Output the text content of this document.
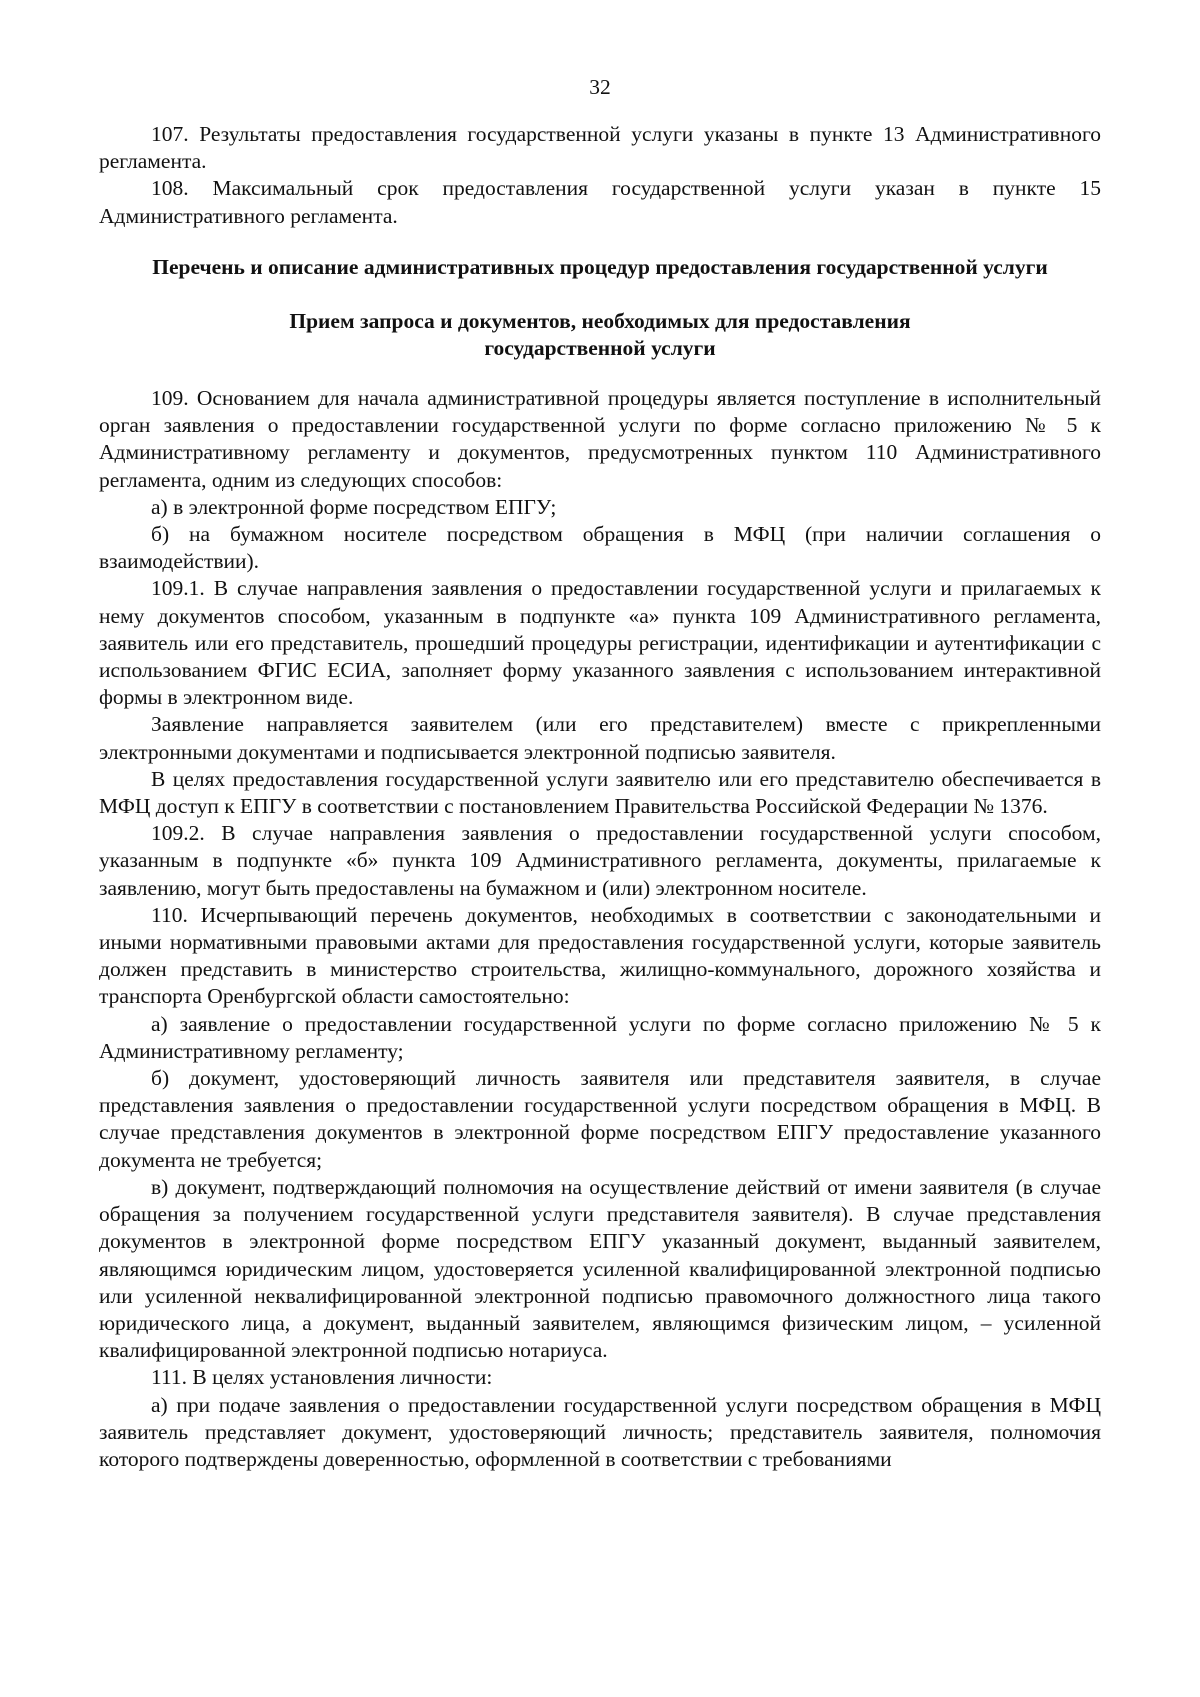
32

107. Результаты предоставления государственной услуги указаны в пункте 13 Административного регламента.

108. Максимальный срок предоставления государственной услуги указан в пункте 15 Административного регламента.

Перечень и описание административных процедур предоставления государственной услуги
Прием запроса и документов, необходимых для предоставления
государственной услуги

109. Основанием для начала административной процедуры является поступление в исполнительный орган заявления о предоставлении государственной услуги по форме согласно приложению № 5 к Административному регламенту и документов, предусмотренных пунктом 110 Административного регламента, одним из следующих способов:

а) в электронной форме посредством ЕПГУ;

б) на бумажном носителе посредством обращения в МФЦ (при наличии соглашения о взаимодействии).

109.1. В случае направления заявления о предоставлении государственной услуги и прилагаемых к нему документов способом, указанным в подпункте «а» пункта 109 Административного регламента, заявитель или его представитель, прошедший процедуры регистрации, идентификации и аутентификации с использованием ФГИС ЕСИА, заполняет форму указанного заявления с использованием интерактивной формы в электронном виде.

Заявление направляется заявителем (или его представителем) вместе с прикрепленными электронными документами и подписывается электронной подписью заявителя.

В целях предоставления государственной услуги заявителю или его представителю обеспечивается в МФЦ доступ к ЕПГУ в соответствии с постановлением Правительства Российской Федерации № 1376.

109.2. В случае направления заявления о предоставлении государственной услуги способом, указанным в подпункте «б» пункта 109 Административного регламента, документы, прилагаемые к заявлению, могут быть предоставлены на бумажном и (или) электронном носителе.

110. Исчерпывающий перечень документов, необходимых в соответствии с законодательными и иными нормативными правовыми актами для предоставления государственной услуги, которые заявитель должен представить в министерство строительства, жилищно-коммунального, дорожного хозяйства и транспорта Оренбургской области самостоятельно:

а) заявление о предоставлении государственной услуги по форме согласно приложению № 5 к Административному регламенту;

б) документ, удостоверяющий личность заявителя или представителя заявителя, в случае представления заявления о предоставлении государственной услуги посредством обращения в МФЦ. В случае представления документов в электронной форме посредством ЕПГУ предоставление указанного документа не требуется;

в) документ, подтверждающий полномочия на осуществление действий от имени заявителя (в случае обращения за получением государственной услуги представителя заявителя). В случае представления документов в электронной форме посредством ЕПГУ указанный документ, выданный заявителем, являющимся юридическим лицом, удостоверяется усиленной квалифицированной электронной подписью или усиленной неквалифицированной электронной подписью правомочного должностного лица такого юридического лица, а документ, выданный заявителем, являющимся физическим лицом, – усиленной квалифицированной электронной подписью нотариуса.

111. В целях установления личности:

а) при подаче заявления о предоставлении государственной услуги посредством обращения в МФЦ заявитель представляет документ, удостоверяющий личность; представитель заявителя, полномочия которого подтверждены доверенностью, оформленной в соответствии с требованиями
